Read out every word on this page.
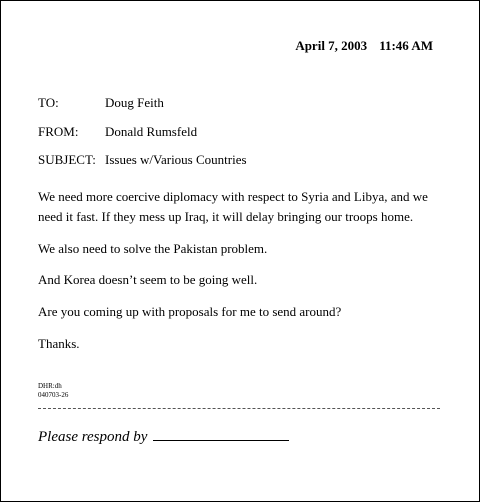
April 7, 2003 11:46 AM
TO:	Doug Feith
FROM: Donald Rumsfeld
SUBJECT: Issues w/Various Countries

We need more coercive diplomacy with respect to Syria and Libya, and we need it fast. If they mess up Iraq, it will delay bringing our troops home.

We also need to solve the Pakistan problem.

And Korea doesn’t seem to be going well.

Are you coming up with proposals for me to send around?

Thanks.

DHR:dh
040703-26
Please respond by
